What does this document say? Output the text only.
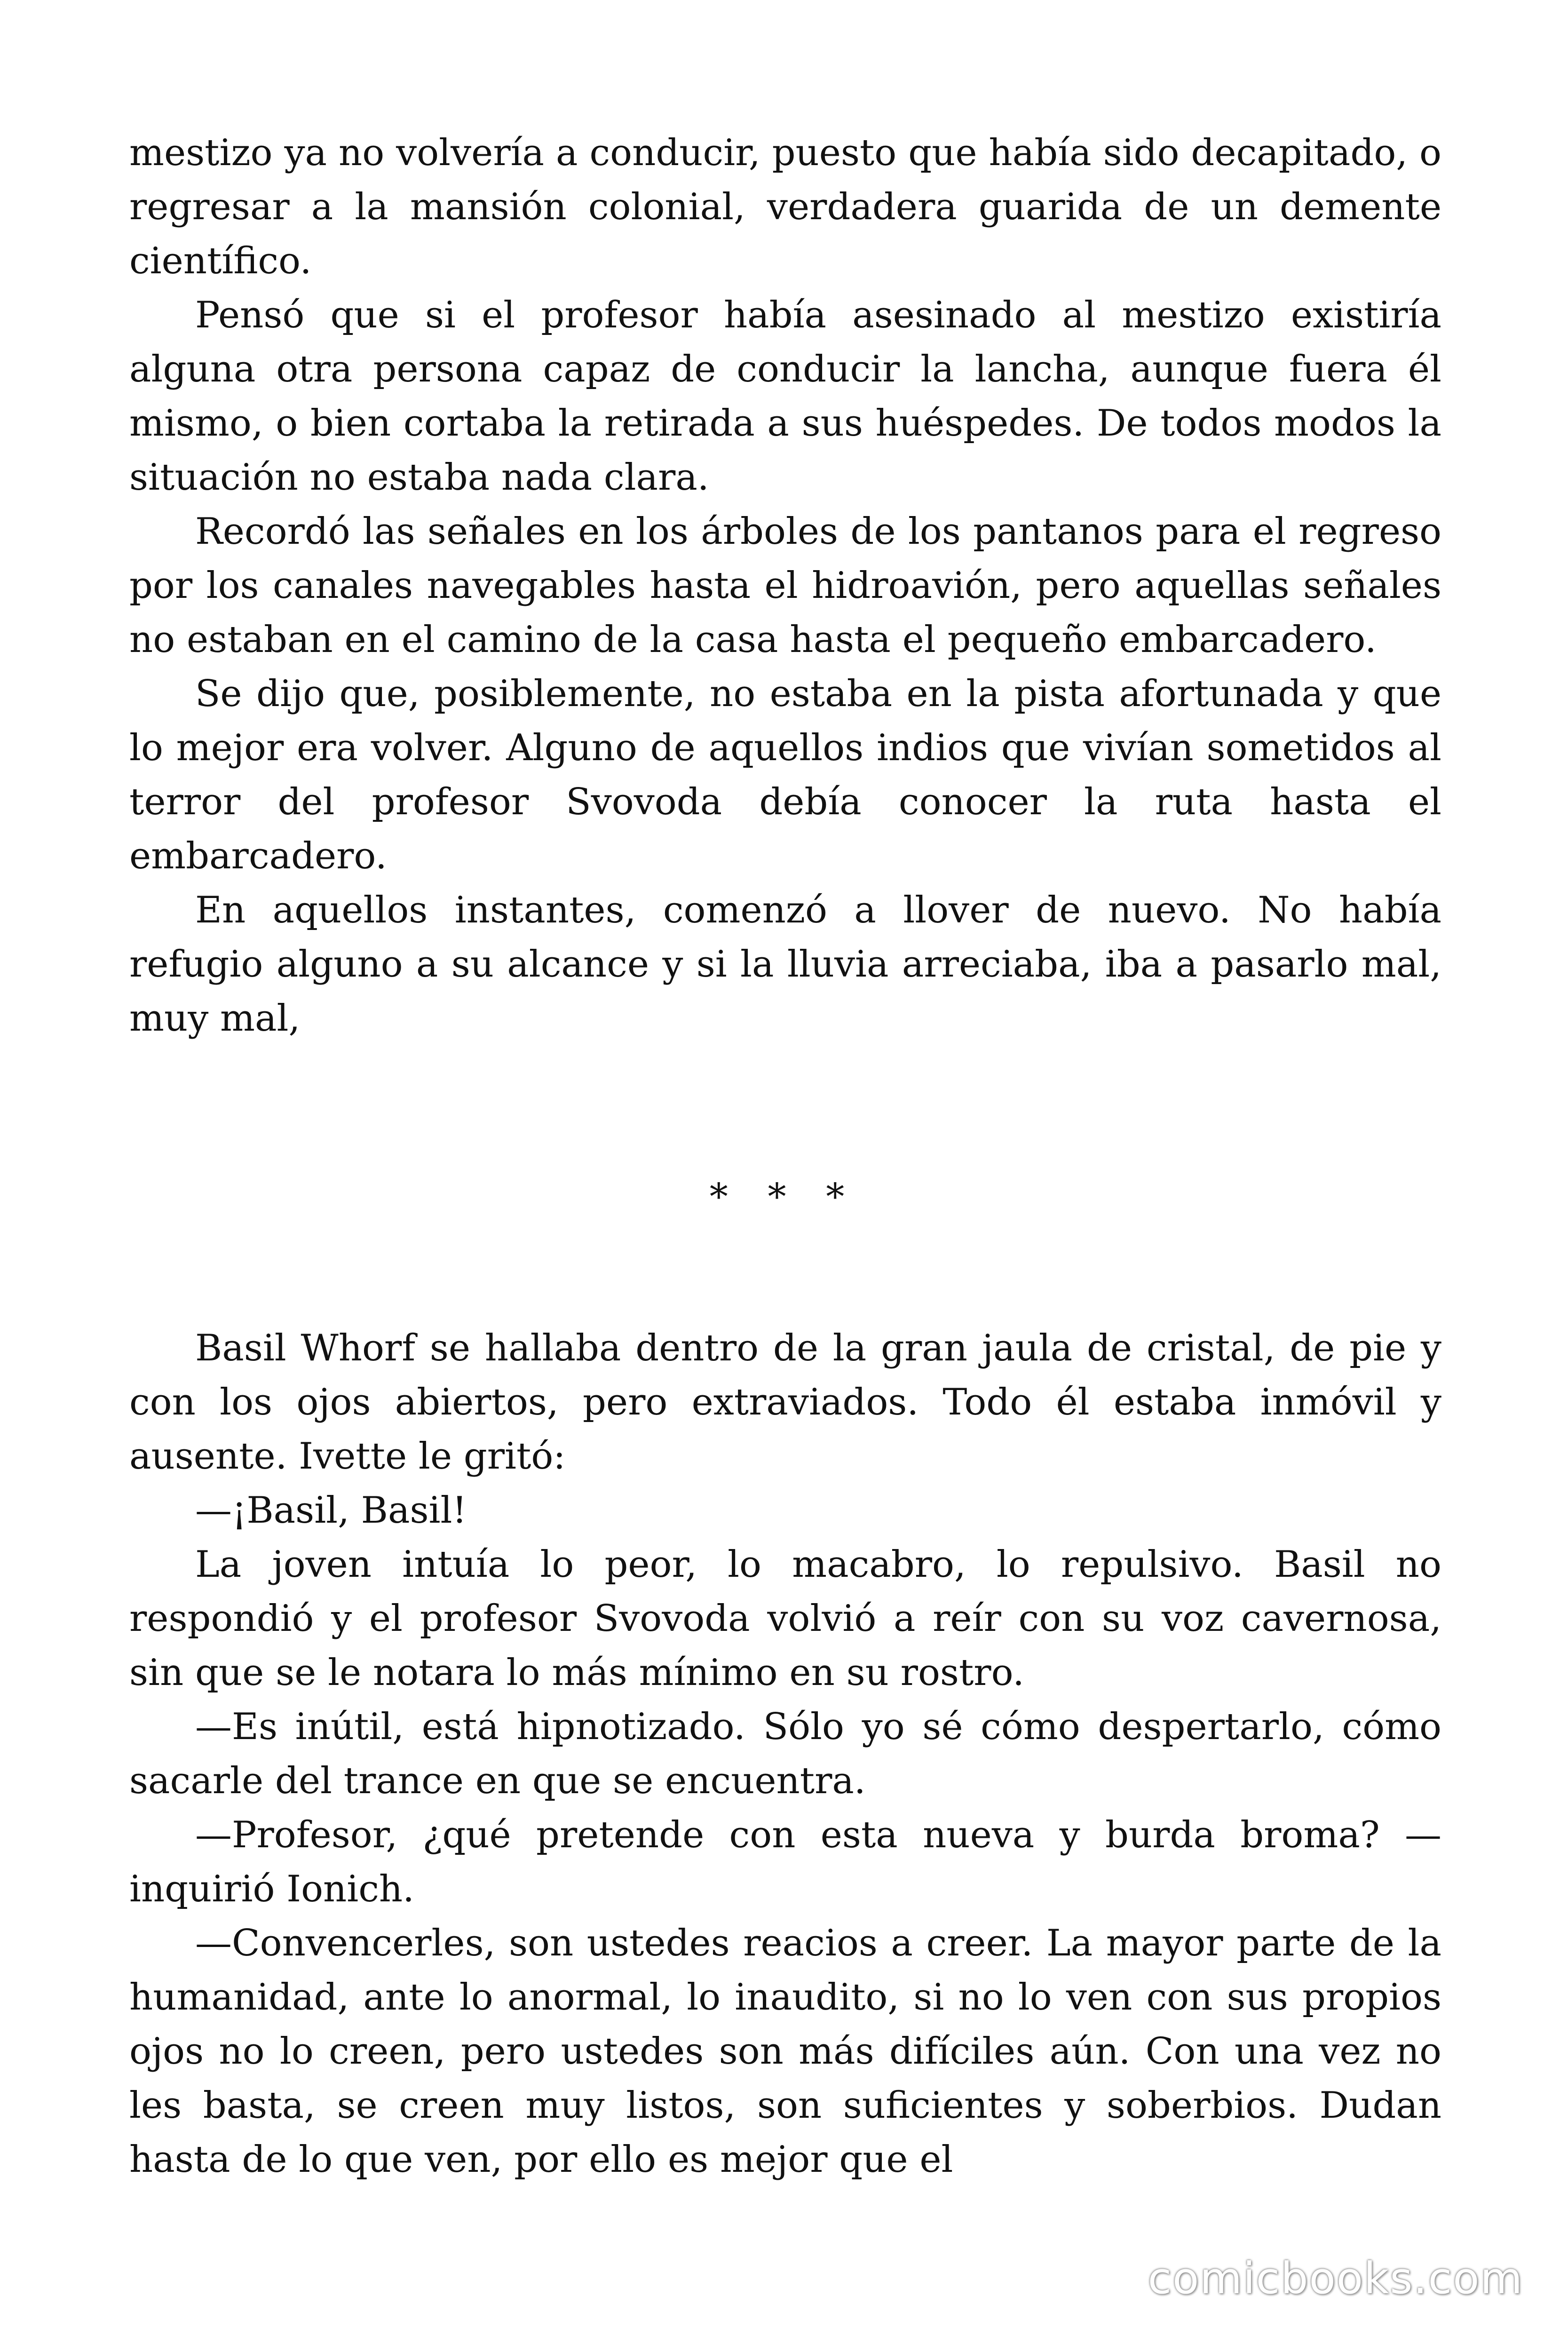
mestizo ya no volvería a conducir, puesto que había sido decapitado, o regresar a la mansión colonial, verdadera guarida de un demente científico.

Pensó que si el profesor había asesinado al mestizo existiría alguna otra persona capaz de conducir la lancha, aunque fuera él mismo, o bien cortaba la retirada a sus huéspedes. De todos modos la situación no estaba nada clara.

Recordó las señales en los árboles de los pantanos para el regreso por los canales navegables hasta el hidroavión, pero aquellas señales no estaban en el camino de la casa hasta el pequeño embarcadero.

Se dijo que, posiblemente, no estaba en la pista afortunada y que lo mejor era volver. Alguno de aquellos indios que vivían sometidos al terror del profesor Svovoda debía conocer la ruta hasta el embarcadero.

En aquellos instantes, comenzó a llover de nuevo. No había refugio alguno a su alcance y si la lluvia arreciaba, iba a pasarlo mal, muy mal,

* * *

Basil Whorf se hallaba dentro de la gran jaula de cristal, de pie y con los ojos abiertos, pero extraviados. Todo él estaba inmóvil y ausente. Ivette le gritó:

—¡Basil, Basil!

La joven intuía lo peor, lo macabro, lo repulsivo. Basil no respondió y el profesor Svovoda volvió a reír con su voz cavernosa, sin que se le notara lo más mínimo en su rostro.

—Es inútil, está hipnotizado. Sólo yo sé cómo despertarlo, cómo sacarle del trance en que se encuentra.

—Profesor, ¿qué pretende con esta nueva y burda broma? —inquirió Ionich.

—Convencerles, son ustedes reacios a creer. La mayor parte de la humanidad, ante lo anormal, lo inaudito, si no lo ven con sus propios ojos no lo creen, pero ustedes son más difíciles aún. Con una vez no les basta, se creen muy listos, son suficientes y soberbios. Dudan hasta de lo que ven, por ello es mejor que el

comicbooks.com
